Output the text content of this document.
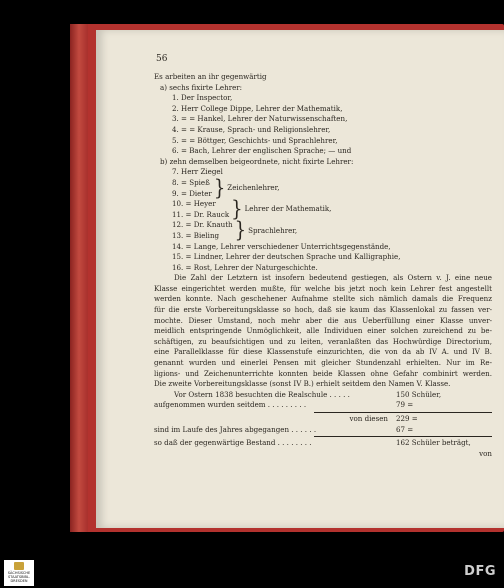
56
Es arbeiten an ihr gegenwärtig
a) sechs fixirte Lehrer:
1. Der Inspector,
2. Herr College Dippe, Lehrer der Mathematik,
3. = = Hankel, Lehrer der Naturwissenschaften,
4. = = Krause, Sprach- und Religionslehrer,
5. = = Böttger, Geschichts- und Sprachlehrer,
6. = Bach, Lehrer der englischen Sprache; — und
b) zehn demselben beigeordnete, nicht fixirte Lehrer:
7. Herr Ziegel
8. = Spieß
9. = Dieter } Zeichenlehrer,
10. = Heyer
11. = Dr. Rauck } Lehrer der Mathematik,
12. = Dr. Knauth
13. = Bieling } Sprachlehrer,
14. = Lange, Lehrer verschiedener Unterrichtsgegenstände,
15. = Lindner, Lehrer der deutschen Sprache und Kalligraphie,
16. = Rost, Lehrer der Naturgeschichte.
Die Zahl der Letztern ist insofern bedeutend gestiegen, als Ostern v. J. eine neue
Klasse eingerichtet werden mußte, für welche bis jetzt noch kein Lehrer fest angestellt
werden konnte. Nach geschehener Aufnahme stellte sich nämlich damals die Frequenz
für die erste Vorbereitungsklasse so hoch, daß sie kaum das Klassenlokal zu fassen ver-
mochte. Dieser Umstand, noch mehr aber die aus Ueberfüllung einer Klasse unver-
meidlich entspringende Unmöglichkeit, alle Individuen einer solchen zureichend zu be-
schäftigen, zu beaufsichtigen und zu leiten, veranlaßten das Hochwürdige Directorium,
eine Parallelklasse für diese Klassenstufe einzurichten, die von da ab IV A. und IV B.
genannt wurden und einerlei Pensen mit gleicher Stundenzahl erhielten. Nur im Re-
ligions- und Zeichenunterrichte konnten beide Klassen ohne Gefahr combinirt werden.
Die zweite Vorbereitungsklasse (sonst IV B.) erhielt seitdem den Namen V. Klasse.
Vor Ostern 1838 besuchten die Realschule . . . . .	150 Schüler,
aufgenommen wurden seitdem . . . . . . . . .	79 =
von diesen	229 =
sind im Laufe des Jahres abgegangen . . . . . .	67 =
so daß der gegenwärtige Bestand . . . . . . . .	162 Schüler beträgt,
von
SÄCHSISCHE
STAATSBIBL.
DRESDEN
DFG
